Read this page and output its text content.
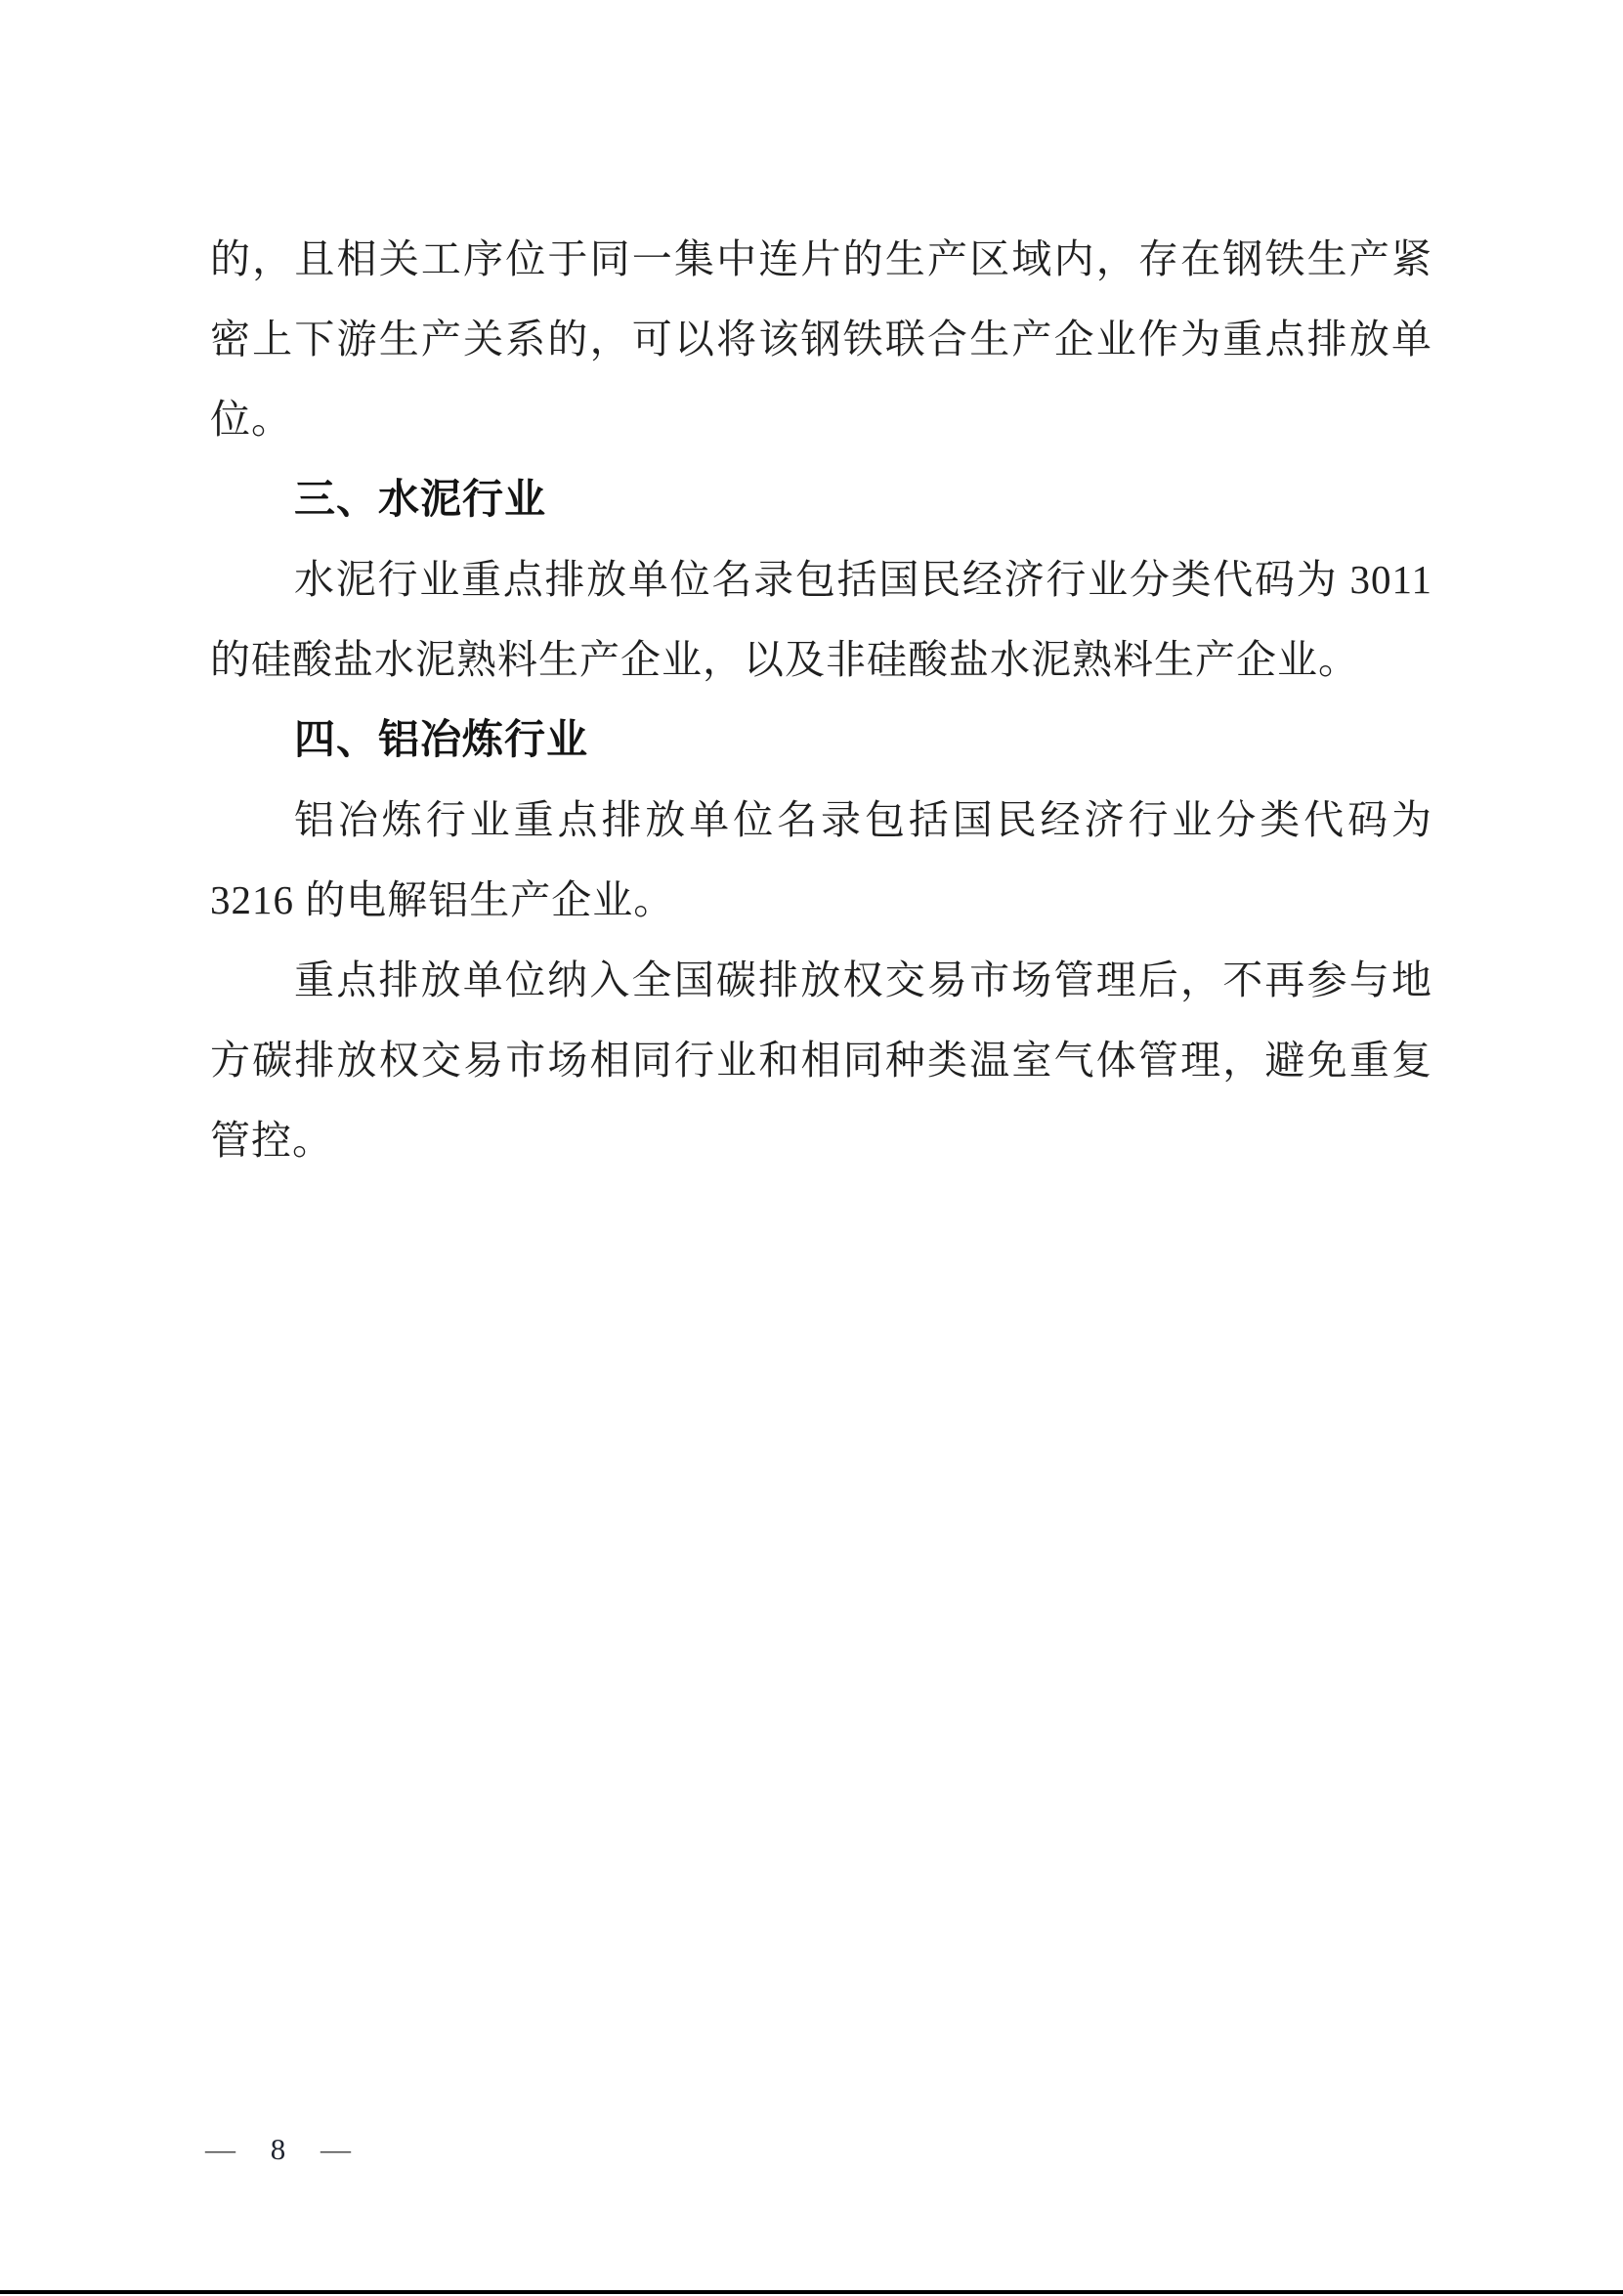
的，且相关工序位于同一集中连片的生产区域内，存在钢铁生产紧
密上下游生产关系的，可以将该钢铁联合生产企业作为重点排放单
位。
三、水泥行业
水泥行业重点排放单位名录包括国民经济行业分类代码为 3011
的硅酸盐水泥熟料生产企业，以及非硅酸盐水泥熟料生产企业。
四、铝冶炼行业
铝冶炼行业重点排放单位名录包括国民经济行业分类代码为
3216 的电解铝生产企业。
重点排放单位纳入全国碳排放权交易市场管理后，不再参与地
方碳排放权交易市场相同行业和相同种类温室气体管理，避免重复
管控。
— 8 —
